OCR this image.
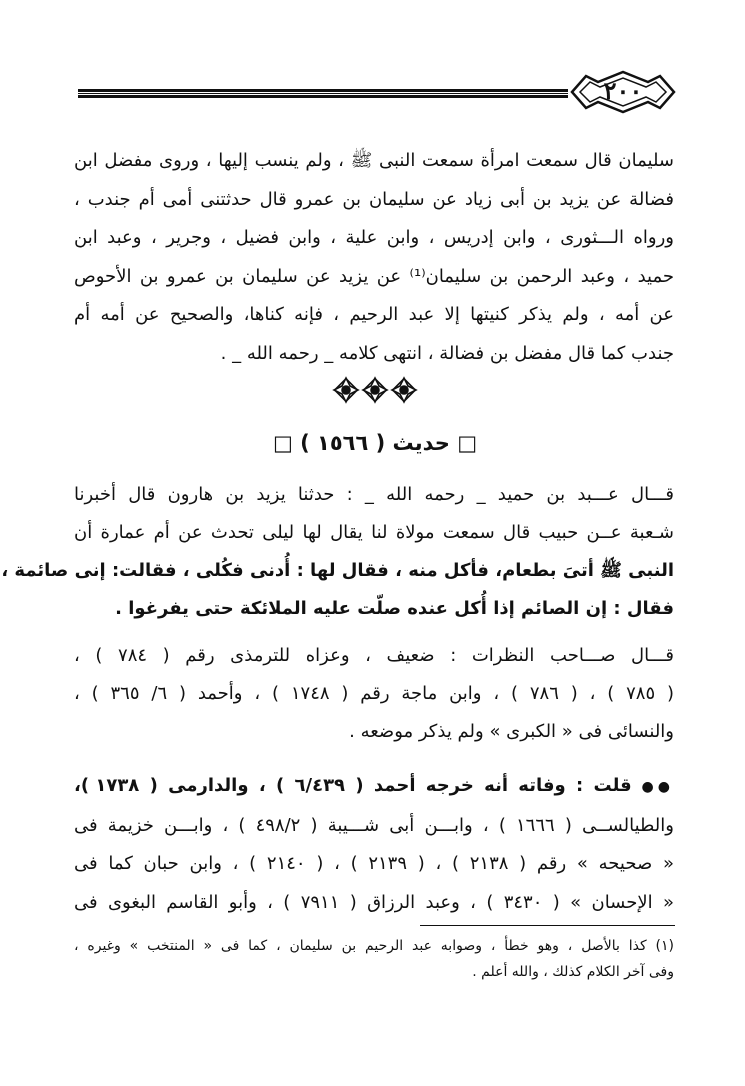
٢٠٠
سليمان قال سمعت امرأة سمعت النبى ﷺ ، ولم ينسب إليها ، وروى مفضل ابن
فضالة عن يزيد بن أبى زياد عن سليمان بن عمرو قال حدثتنى أمى أم جندب ،
ورواه الـــثورى ، وابن إدريس ، وابن علية ، وابن فضيل ، وجرير ، وعبد ابن
حميد ، وعبد الرحمن بن سليمان⁽¹⁾ عن يزيد عن سليمان بن عمرو بن الأحوص
عن أمه ، ولم يذكر كنيتها إلا عبد الرحيم ، فإنه كناها، والصحيح عن أمه أم
جندب كما قال مفضل بن فضالة ، انتهى كلامه _ رحمه الله _ .
□ حديث ( ١٥٦٦ ) □
قـــال عـــبد بن حميد _ رحمه الله _ : حدثنا يزيد بن هارون قال أخبرنا
شـعبة عــن حبيب قال سمعت مولاة لنا يقال لها ليلى تحدث عن أم عمارة أن
النبى ﷺ أتىَ بطعام، فأكل منه ، فقال لها : أُدنى فكُلى ، فقالت: إنى صائمة ،
فقال : إن الصائم إذا أُكل عنده صلّت عليه الملائكة حتى يفرغوا .
قـــال صـــاحب النظرات : ضعيف ، وعزاه للترمذى رقم ( ٧٨٤ ) ،
( ٧٨٥ ) ، ( ٧٨٦ ) ، وابن ماجة رقم ( ١٧٤٨ ) ، وأحمد ( ٦/ ٣٦٥ ) ،
والنسائى فى « الكبرى » ولم يذكر موضعه .
●● قلت : وفاته أنه خرجه أحمد ( ٦/٤٣٩ ) ، والدارمى ( ١٧٣٨ )،
والطيالســى ( ١٦٦٦ ) ، وابـــن أبى شـــيبة ( ٤٩٨/٢ ) ، وابـــن خزيمة فى
« صحيحه » رقم ( ٢١٣٨ ) ، ( ٢١٣٩ ) ، ( ٢١٤٠ ) ، وابن حبان كما فى
« الإحسان » ( ٣٤٣٠ ) ، وعبد الرزاق ( ٧٩١١ ) ، وأبو القاسم البغوى فى
(١) كذا بالأصل ، وهو خطأ ، وصوابه عبد الرحيم بن سليمان ، كما فى « المنتخب » وغيره ،
وفى آخر الكلام كذلك ، والله أعلم .
